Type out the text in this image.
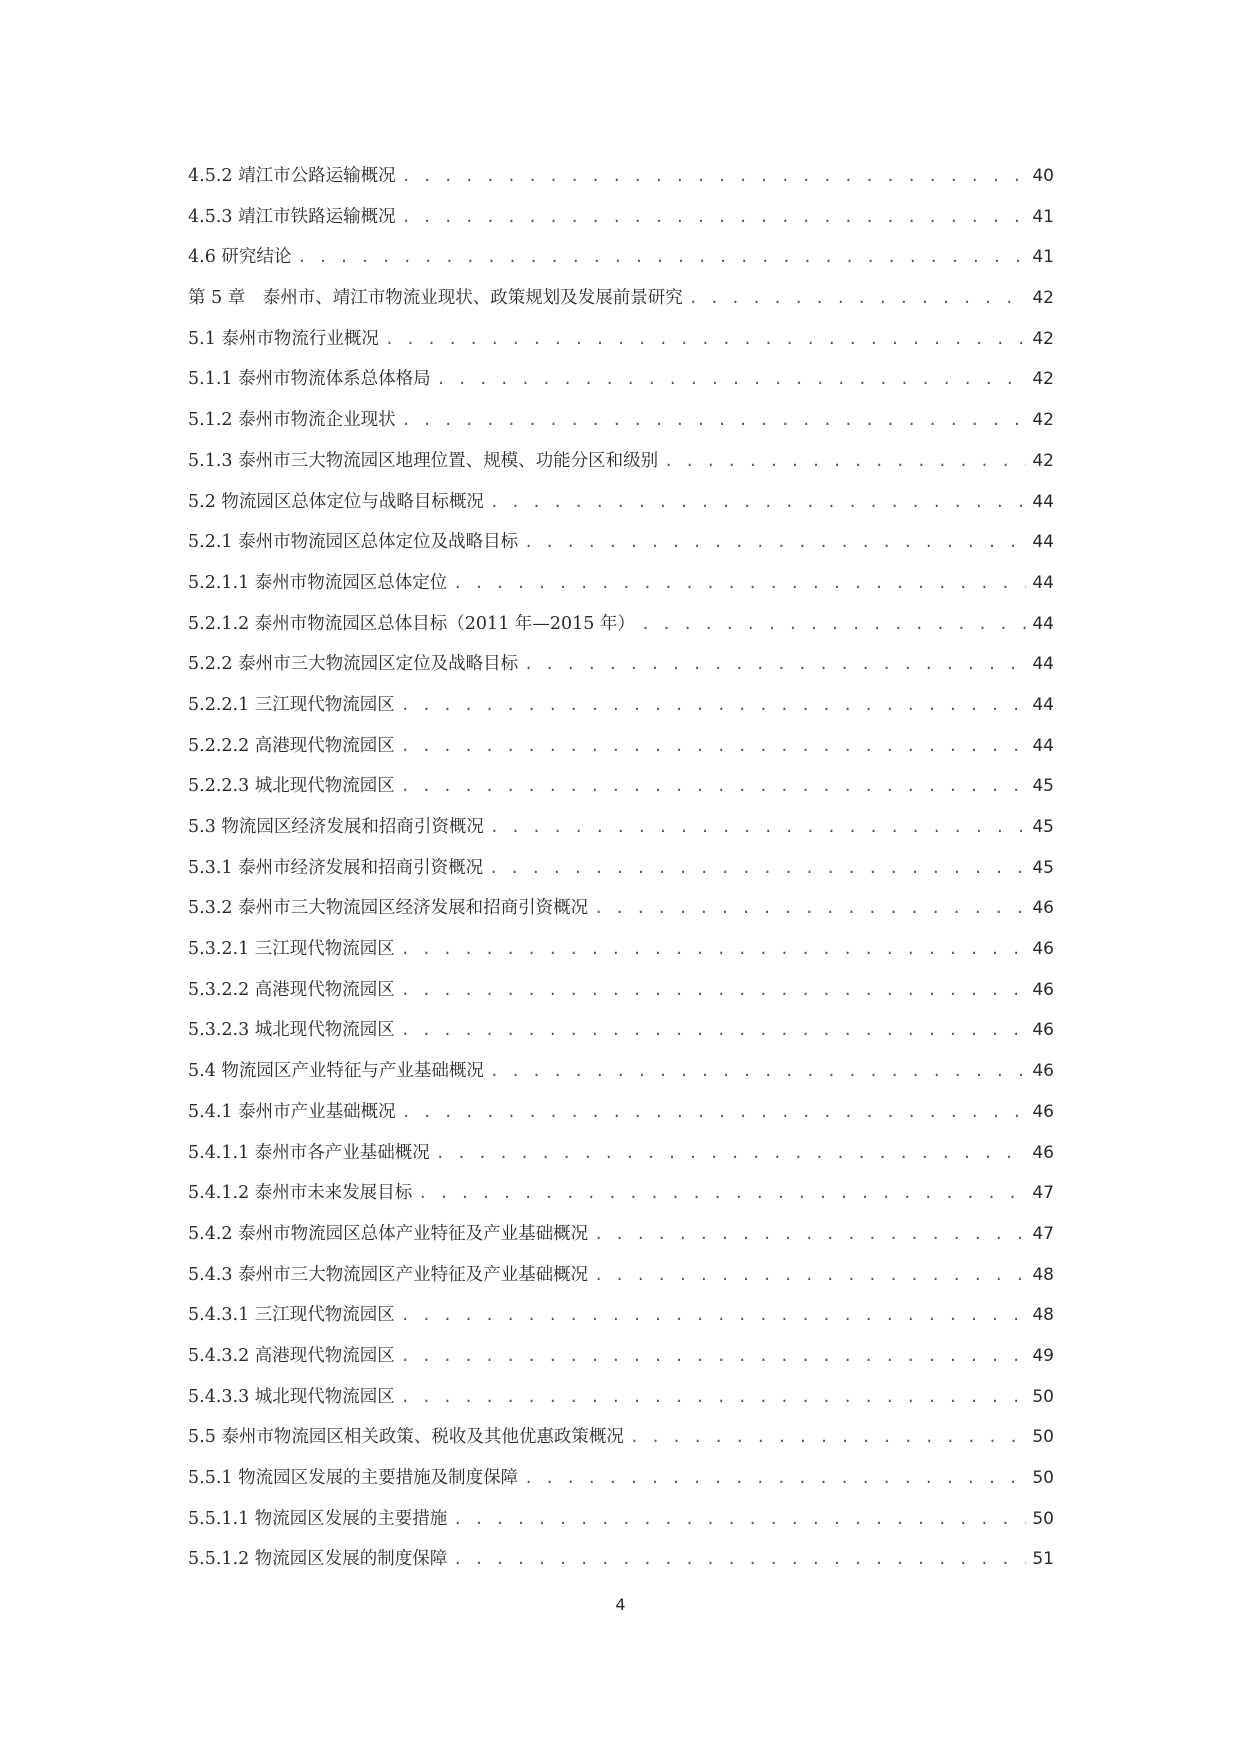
4.5.2 靖江市公路运输概况 . . .	40
4.5.3 靖江市铁路运输概况 . . .	41
4.6 研究结论 . . .	41
第 5 章　泰州市、靖江市物流业现状、政策规划及发展前景研究 . . .	42
5.1 泰州市物流行业概况 . . .	42
5.1.1 泰州市物流体系总体格局 . . .	42
5.1.2 泰州市物流企业现状 . . .	42
5.1.3 泰州市三大物流园区地理位置、规模、功能分区和级别 . . .	42
5.2 物流园区总体定位与战略目标概况 . . .	44
5.2.1 泰州市物流园区总体定位及战略目标 . . .	44
5.2.1.1 泰州市物流园区总体定位 . . .	44
5.2.1.2 泰州市物流园区总体目标（2011 年—2015 年） . . .	44
5.2.2 泰州市三大物流园区定位及战略目标 . . .	44
5.2.2.1 三江现代物流园区 . . .	44
5.2.2.2 高港现代物流园区 . . .	44
5.2.2.3 城北现代物流园区 . . .	45
5.3 物流园区经济发展和招商引资概况 . . .	45
5.3.1 泰州市经济发展和招商引资概况 . . .	45
5.3.2 泰州市三大物流园区经济发展和招商引资概况 . . .	46
5.3.2.1 三江现代物流园区 . . .	46
5.3.2.2 高港现代物流园区 . . .	46
5.3.2.3 城北现代物流园区 . . .	46
5.4 物流园区产业特征与产业基础概况 . . .	46
5.4.1 泰州市产业基础概况 . . .	46
5.4.1.1 泰州市各产业基础概况 . . .	46
5.4.1.2 泰州市未来发展目标 . . .	47
5.4.2 泰州市物流园区总体产业特征及产业基础概况 . . .	47
5.4.3 泰州市三大物流园区产业特征及产业基础概况 . . .	48
5.4.3.1 三江现代物流园区 . . .	48
5.4.3.2 高港现代物流园区 . . .	49
5.4.3.3 城北现代物流园区 . . .	50
5.5 泰州市物流园区相关政策、税收及其他优惠政策概况 . . .	50
5.5.1 物流园区发展的主要措施及制度保障 . . .	50
5.5.1.1 物流园区发展的主要措施 . . .	50
5.5.1.2 物流园区发展的制度保障 . . .	51
4
